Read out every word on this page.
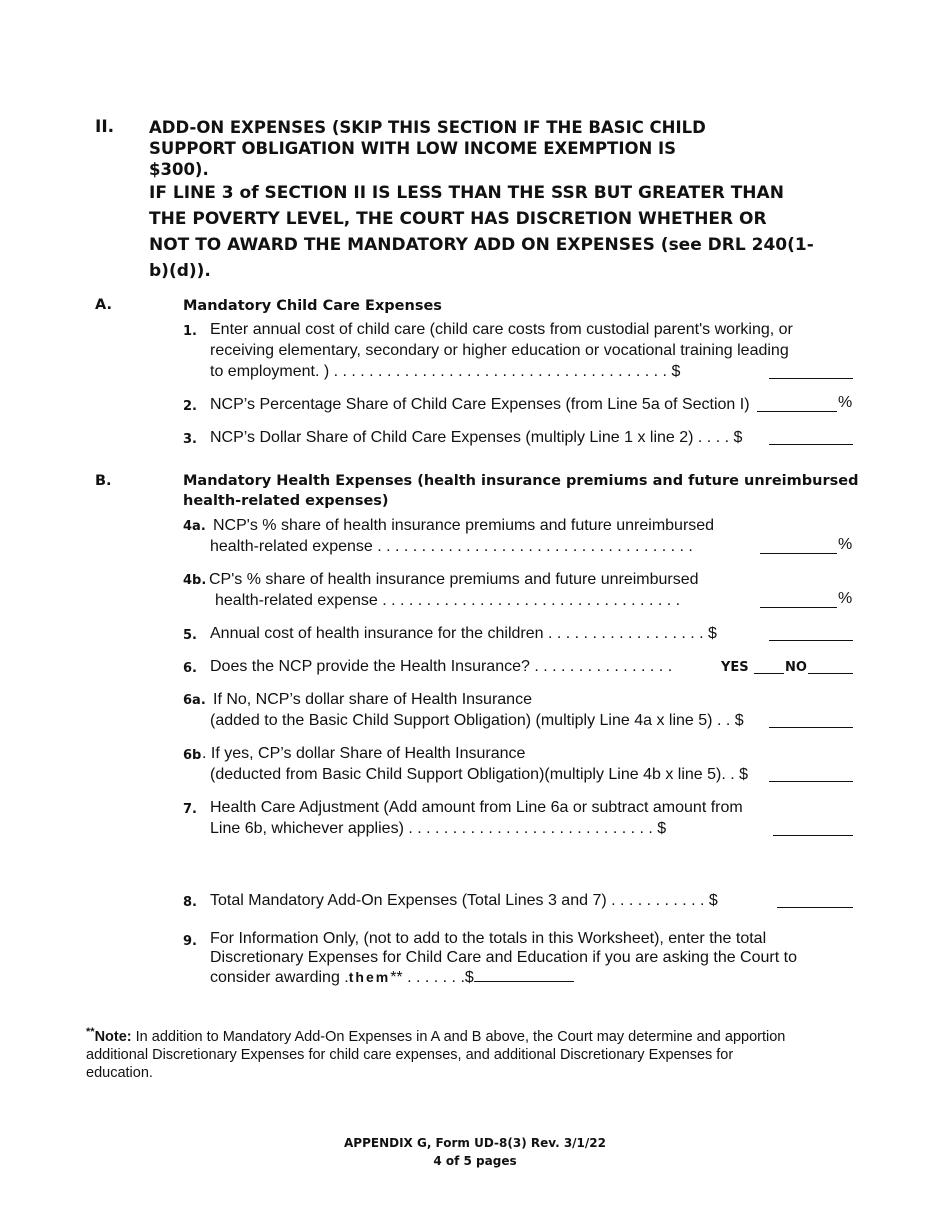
II. ADD-ON EXPENSES (SKIP THIS SECTION IF THE BASIC CHILD
SUPPORT OBLIGATION WITH LOW INCOME EXEMPTION IS
$300).
IF LINE 3 of SECTION II IS LESS THAN THE SSR BUT GREATER THAN
THE POVERTY LEVEL, THE COURT HAS DISCRETION WHETHER OR
NOT TO AWARD THE MANDATORY ADD ON EXPENSES (see DRL 240(1-
b)(d)).
A.	Mandatory Child Care Expenses
1. Enter annual cost of child care (child care costs from custodial parent's working, or
receiving elementary, secondary or higher education or vocational training leading
to employment. ) . . . . . . . . . . . . . . . . . . . . . . . . . . . . . . . . . . . . . . $
2. NCP’s Percentage Share of Child Care Expenses (from Line 5a of Section I)	%
3. NCP’s Dollar Share of Child Care Expenses (multiply Line 1 x line 2) . . . . $
B.	Mandatory Health Expenses (health insurance premiums and future unreimbursed
health-related expenses)
4a. NCP's % share of health insurance premiums and future unreimbursed
health-related expense . . . . . . . . . . . . . . . . . . . . . . . . . . . . . . . . . . . .	%
4b. CP's % share of health insurance premiums and future unreimbursed
health-related expense . . . . . . . . . . . . . . . . . . . . . . . . . . . . . . . . . .	%
5. Annual cost of health insurance for the children . . . . . . . . . . . . . . . . . . $
6. Does the NCP provide the Health Insurance? . . . . . . . . . . . . . . . .	YES	NO
6a. If No, NCP’s dollar share of Health Insurance
(added to the Basic Child Support Obligation) (multiply Line 4a x line 5) . . $
6b . If yes, CP’s dollar Share of Health Insurance
(deducted from Basic Child Support Obligation)(multiply Line 4b x line 5). . $
7. Health Care Adjustment (Add amount from Line 6a or subtract amount from
Line 6b, whichever applies) . . . . . . . . . . . . . . . . . . . . . . . . . . . . $
8. Total Mandatory Add-On Expenses (Total Lines 3 and 7) . . . . . . . . . . . $
9. For Information Only, (not to add to the totals in this Worksheet), enter the total
Discretionary Expenses for Child Care and Education if you are asking the Court to
consider awarding .them** . . . . . . .$
**Note: In addition to Mandatory Add-On Expenses in A and B above, the Court may determine and apportion
additional Discretionary Expenses for child care expenses, and additional Discretionary Expenses for
education.
APPENDIX G, Form UD-8(3) Rev. 3/1/22
4 of 5 pages
